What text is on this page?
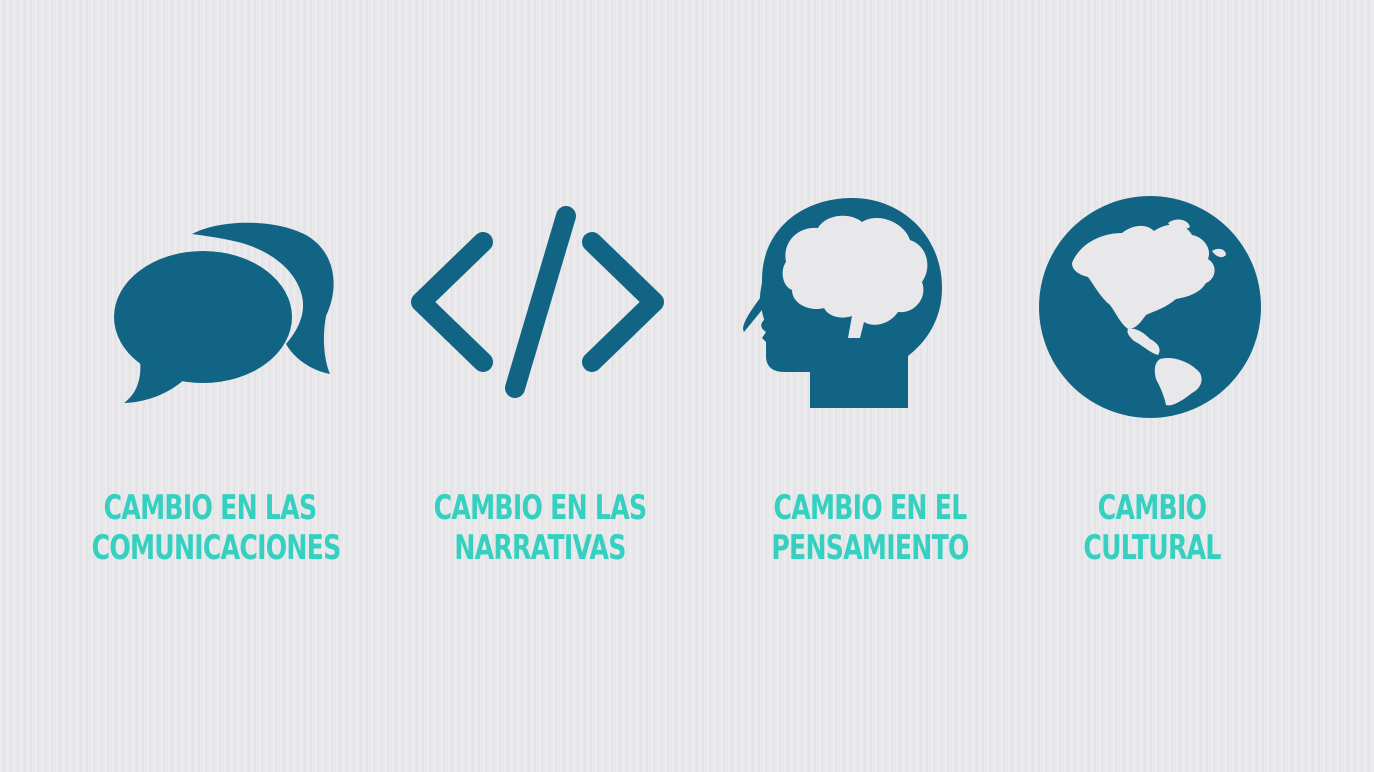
CAMBIO EN LAS
COMUNICACIONES
CAMBIO EN LAS
NARRATIVAS
CAMBIO EN EL
PENSAMIENTO
CAMBIO
CULTURAL
